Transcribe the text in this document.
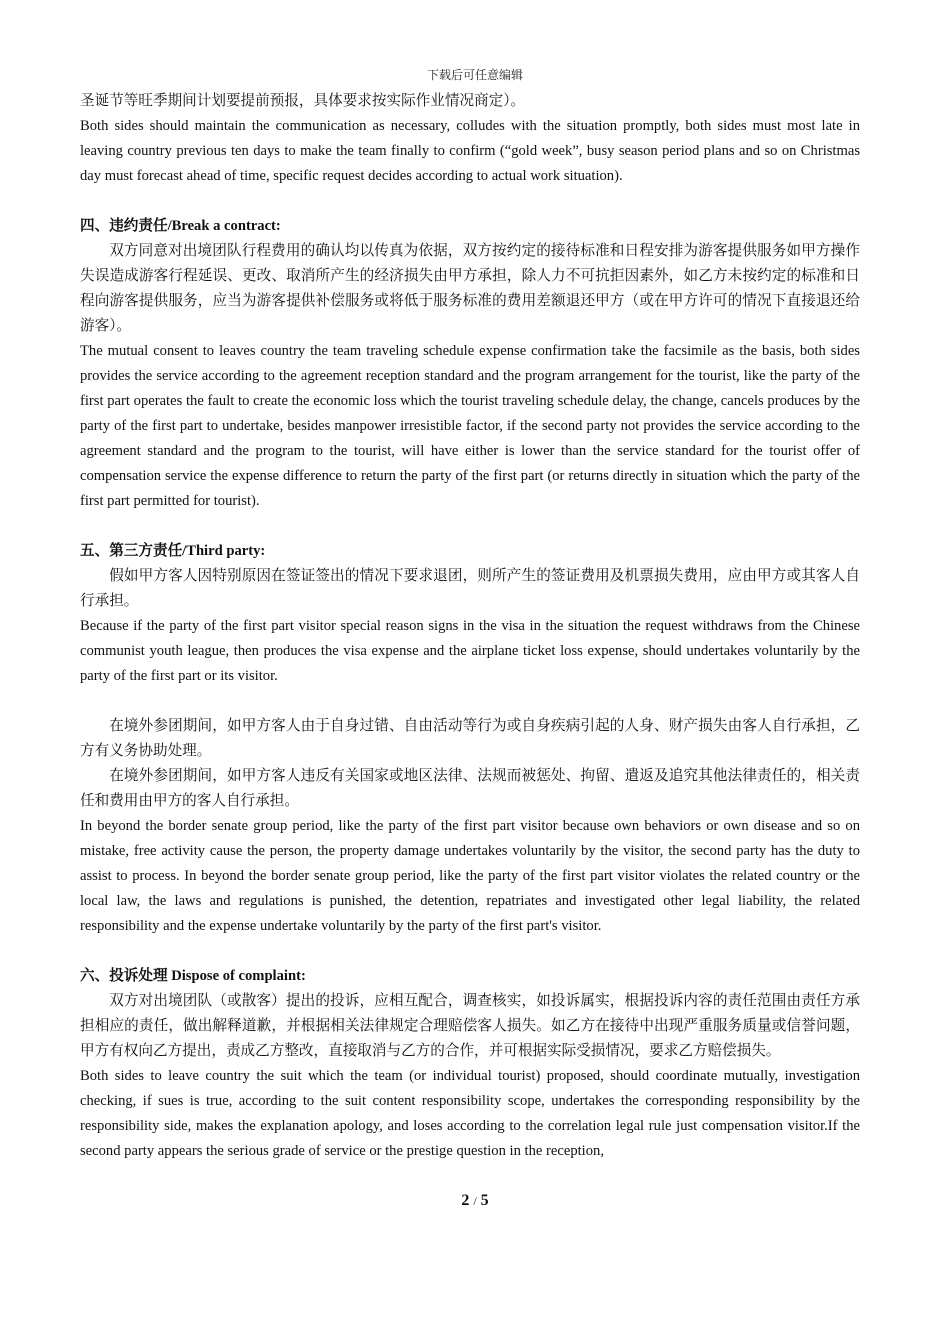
下载后可任意编辑

圣诞节等旺季期间计划要提前预报，具体要求按实际作业情况商定）。

Both sides should maintain the communication as necessary, colludes with the situation promptly, both sides must most late in leaving country previous ten days to make the team finally to confirm (“gold week”, busy season period plans and so on Christmas day must forecast ahead of time, specific request decides according to actual work situation).

四、违约责任/Break a contract:

双方同意对出境团队行程费用的确认均以传真为依据，双方按约定的接待标准和日程安排为游客提供服务如甲方操作失误造成游客行程延误、更改、取消所产生的经济损失由甲方承担，除人力不可抗拒因素外，如乙方未按约定的标准和日程向游客提供服务，应当为游客提供补偿服务或将低于服务标准的费用差额退还甲方（或在甲方许可的情况下直接退还给游客）。

The mutual consent to leaves country the team traveling schedule expense confirmation take the facsimile as the basis, both sides provides the service according to the agreement reception standard and the program arrangement for the tourist, like the party of the first part operates the fault to create the economic loss which the tourist traveling schedule delay, the change, cancels produces by the party of the first part to undertake, besides manpower irresistible factor, if the second party not provides the service according to the agreement standard and the program to the tourist, will have either is lower than the service standard for the tourist offer of compensation service the expense difference to return the party of the first part (or returns directly in situation which the party of the first part permitted for tourist).

五、第三方责任/Third party:

假如甲方客人因特别原因在签证签出的情况下要求退团，则所产生的签证费用及机票损失费用，应由甲方或其客人自行承担。

Because if the party of the first part visitor special reason signs in the visa in the situation the request withdraws from the Chinese communist youth league, then produces the visa expense and the airplane ticket loss expense, should undertakes voluntarily by the party of the first part or its visitor.

在境外参团期间，如甲方客人由于自身过错、自由活动等行为或自身疾病引起的人身、财产损失由客人自行承担，乙方有义务协助处理。

在境外参团期间，如甲方客人违反有关国家或地区法律、法规而被惩处、拘留、遣返及追究其他法律责任的，相关责任和费用由甲方的客人自行承担。

In beyond the border senate group period, like the party of the first part visitor because own behaviors or own disease and so on mistake, free activity cause the person, the property damage undertakes voluntarily by the visitor, the second party has the duty to assist to process. In beyond the border senate group period, like the party of the first part visitor violates the related country or the local law, the laws and regulations is punished, the detention, repatriates and investigated other legal liability, the related responsibility and the expense undertake voluntarily by the party of the first part's visitor.

六、投诉处理 Dispose of complaint:

双方对出境团队（或散客）提出的投诉，应相互配合，调查核实，如投诉属实，根据投诉内容的责任范围由责任方承担相应的责任，做出解释道歉，并根据相关法律规定合理赔偿客人损失。如乙方在接待中出现严重服务质量或信誉问题，甲方有权向乙方提出，责成乙方整改，直接取消与乙方的合作，并可根据实际受损情况，要求乙方赔偿损失。

Both sides to leave country the suit which the team (or individual tourist) proposed, should coordinate mutually, investigation checking, if sues is true, according to the suit content responsibility scope, undertakes the corresponding responsibility by the responsibility side, makes the explanation apology, and loses according to the correlation legal rule just compensation visitor.If the second party appears the serious grade of service or the prestige question in the reception,

2 / 5
